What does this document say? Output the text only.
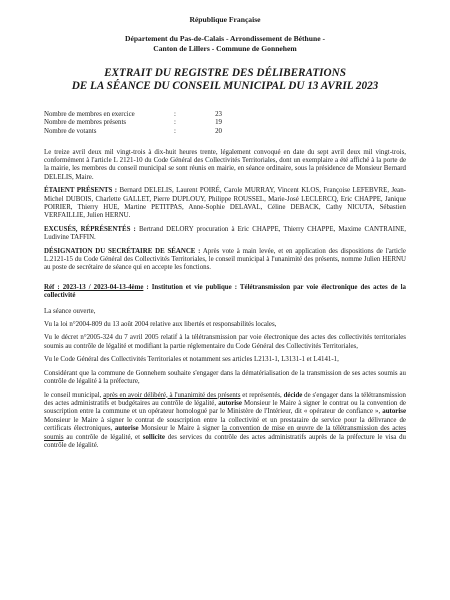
République Française
Département du Pas-de-Calais - Arrondissement de Béthune -
Canton de Lillers - Commune de Gonnehem
EXTRAIT DU REGISTRE DES DÉLIBERATIONS
DE LA SÉANCE DU CONSEIL MUNICIPAL DU 13 AVRIL 2023
Nombre de membres en exercice	:	23
Nombre de membres présents	:	19
Nombre de votants	:	20

Le treize avril deux mil vingt-trois à dix-huit heures trente, légalement convoqué en date du sept avril deux mil vingt-trois, conformément à l'article L 2121-10 du Code Général des Collectivités Territoriales, dont un exemplaire a été affiché à la porte de la mairie, les membres du conseil municipal se sont réunis en mairie, en séance ordinaire, sous la présidence de Monsieur Bernard DELELIS, Maire.

ÉTAIENT PRÉSENTS : Bernard DELELIS, Laurent POIRÉ, Carole MURRAY, Vincent KLOS, Françoise LEFEBVRE, Jean-Michel DUBOIS, Charlette GALLET, Pierre DUPLOUY, Philippe ROUSSEL, Marie-José LECLERCQ, Eric CHAPPE, Janique POIRIER, Thierry HUE, Martine PETITPAS, Anne-Sophie DELAVAL, Céline DEBACK, Cathy NICUTA, Sébastien VERFAILLIE, Julien HERNU.

EXCUSÉS, RÉPRÉSENTÉS : Bertrand DELORY procuration à Eric CHAPPE, Thierry CHAPPE, Maxime CANTRAINE, Ludivine TAFFIN.

DÉSIGNATION DU SECRÉTAIRE DE SÉANCE : Après vote à main levée, et en application des dispositions de l'article L.2121-15 du Code Général des Collectivités Territoriales, le conseil municipal à l'unanimité des présents, nomme Julien HERNU au poste de secrétaire de séance qui en accepte les fonctions.

Réf : 2023-13 / 2023-04-13-4ème : Institution et vie publique : Télétransmission par voie électronique des actes de la collectivité

La séance ouverte,

Vu la loi n°2004-809 du 13 août 2004 relative aux libertés et responsabilités locales,

Vu le décret n°2005-324 du 7 avril 2005 relatif à la télétransmission par voie électronique des actes des collectivités territoriales soumis au contrôle de légalité et modifiant la partie réglementaire du Code Général des Collectivités Territoriales,

Vu le Code Général des Collectivités Territoriales et notamment ses articles L2131-1, L3131-1 et L4141-1,

Considérant que la commune de Gonnehem souhaite s'engager dans la dématérialisation de la transmission de ses actes soumis au contrôle de légalité à la préfecture,

le conseil municipal, après en avoir délibéré, à l'unanimité des présents et représentés, décide de s'engager dans la télétransmission des actes administratifs et budgétaires au contrôle de légalité, autorise Monsieur le Maire à signer le contrat ou la convention de souscription entre la commune et un opérateur homologué par le Ministère de l'Intérieur, dit « opérateur de confiance », autorise Monsieur le Maire à signer le contrat de souscription entre la collectivité et un prestataire de service pour la délivrance de certificats électroniques, autorise Monsieur le Maire à signer la convention de mise en œuvre de la télétransmission des actes soumis au contrôle de légalité, et sollicite des services du contrôle des actes administratifs auprès de la préfecture le visa du contrôle de légalité.
